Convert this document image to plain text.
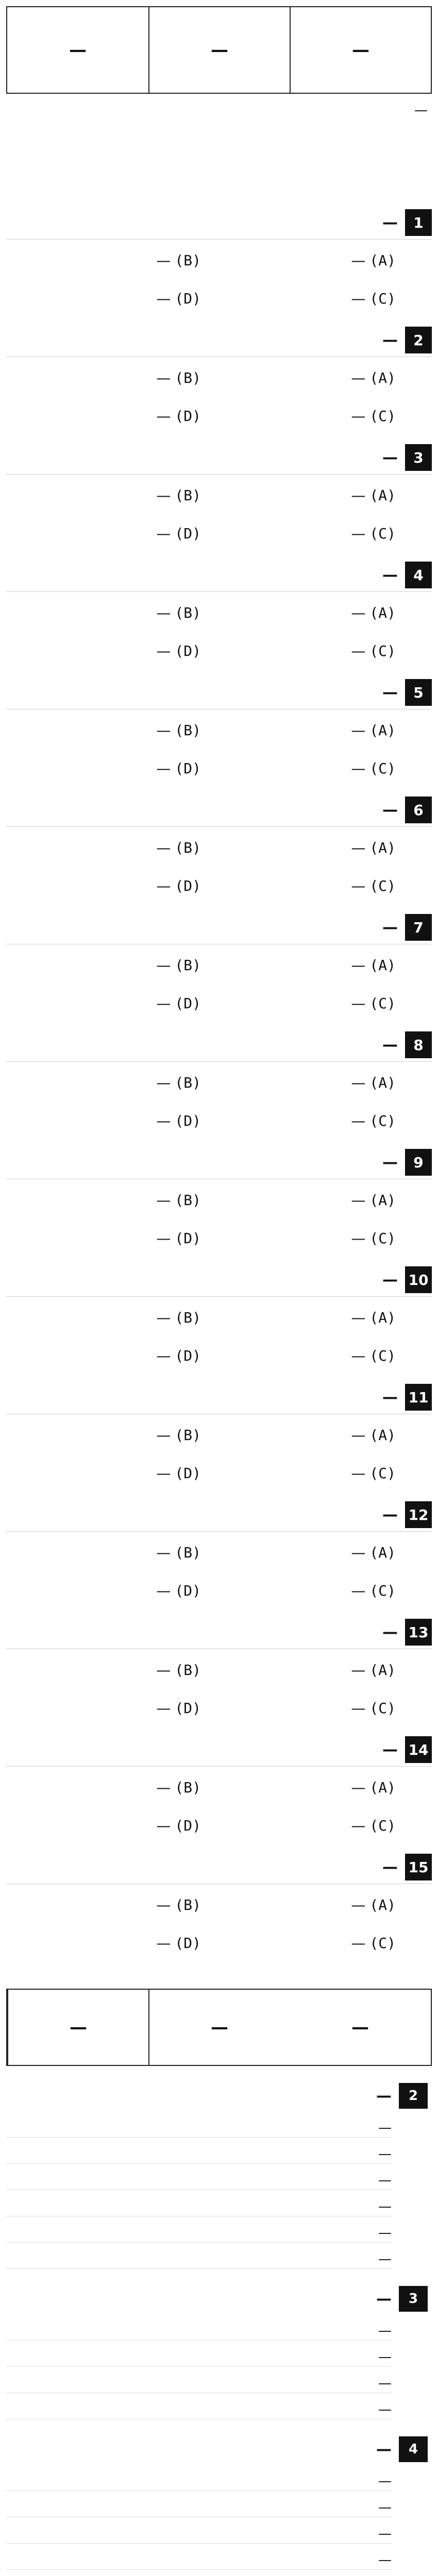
—	—	—
—
1
—
(A)—
(B)—
(C)—
(D)—
2
—
(A)—
(B)—
(C)—
(D)—
3
—
(A)—
(B)—
(C)—
(D)—
4
—
(A)—
(B)—
(C)—
(D)—
5
—
(A)—
(B)—
(C)—
(D)—
6
—
(A)—
(B)—
(C)—
(D)—
7
—
(A)—
(B)—
(C)—
(D)—
8
—
(A)—
(B)—
(C)—
(D)—
9
—
(A)—
(B)—
(C)—
(D)—
10
—
(A)—
(B)—
(C)—
(D)—
11
—
(A)—
(B)—
(C)—
(D)—
12
—
(A)—
(B)—
(C)—
(D)—
13
—
(A)—
(B)—
(C)—
(D)—
14
—
(A)—
(B)—
(C)—
(D)—
15
—
(A)—
(B)—
(C)—
(D)—
—
—
—
2
—
—
—
—
—
—
—
3
—
—
—
—
—
4
—
—
—
—
—
